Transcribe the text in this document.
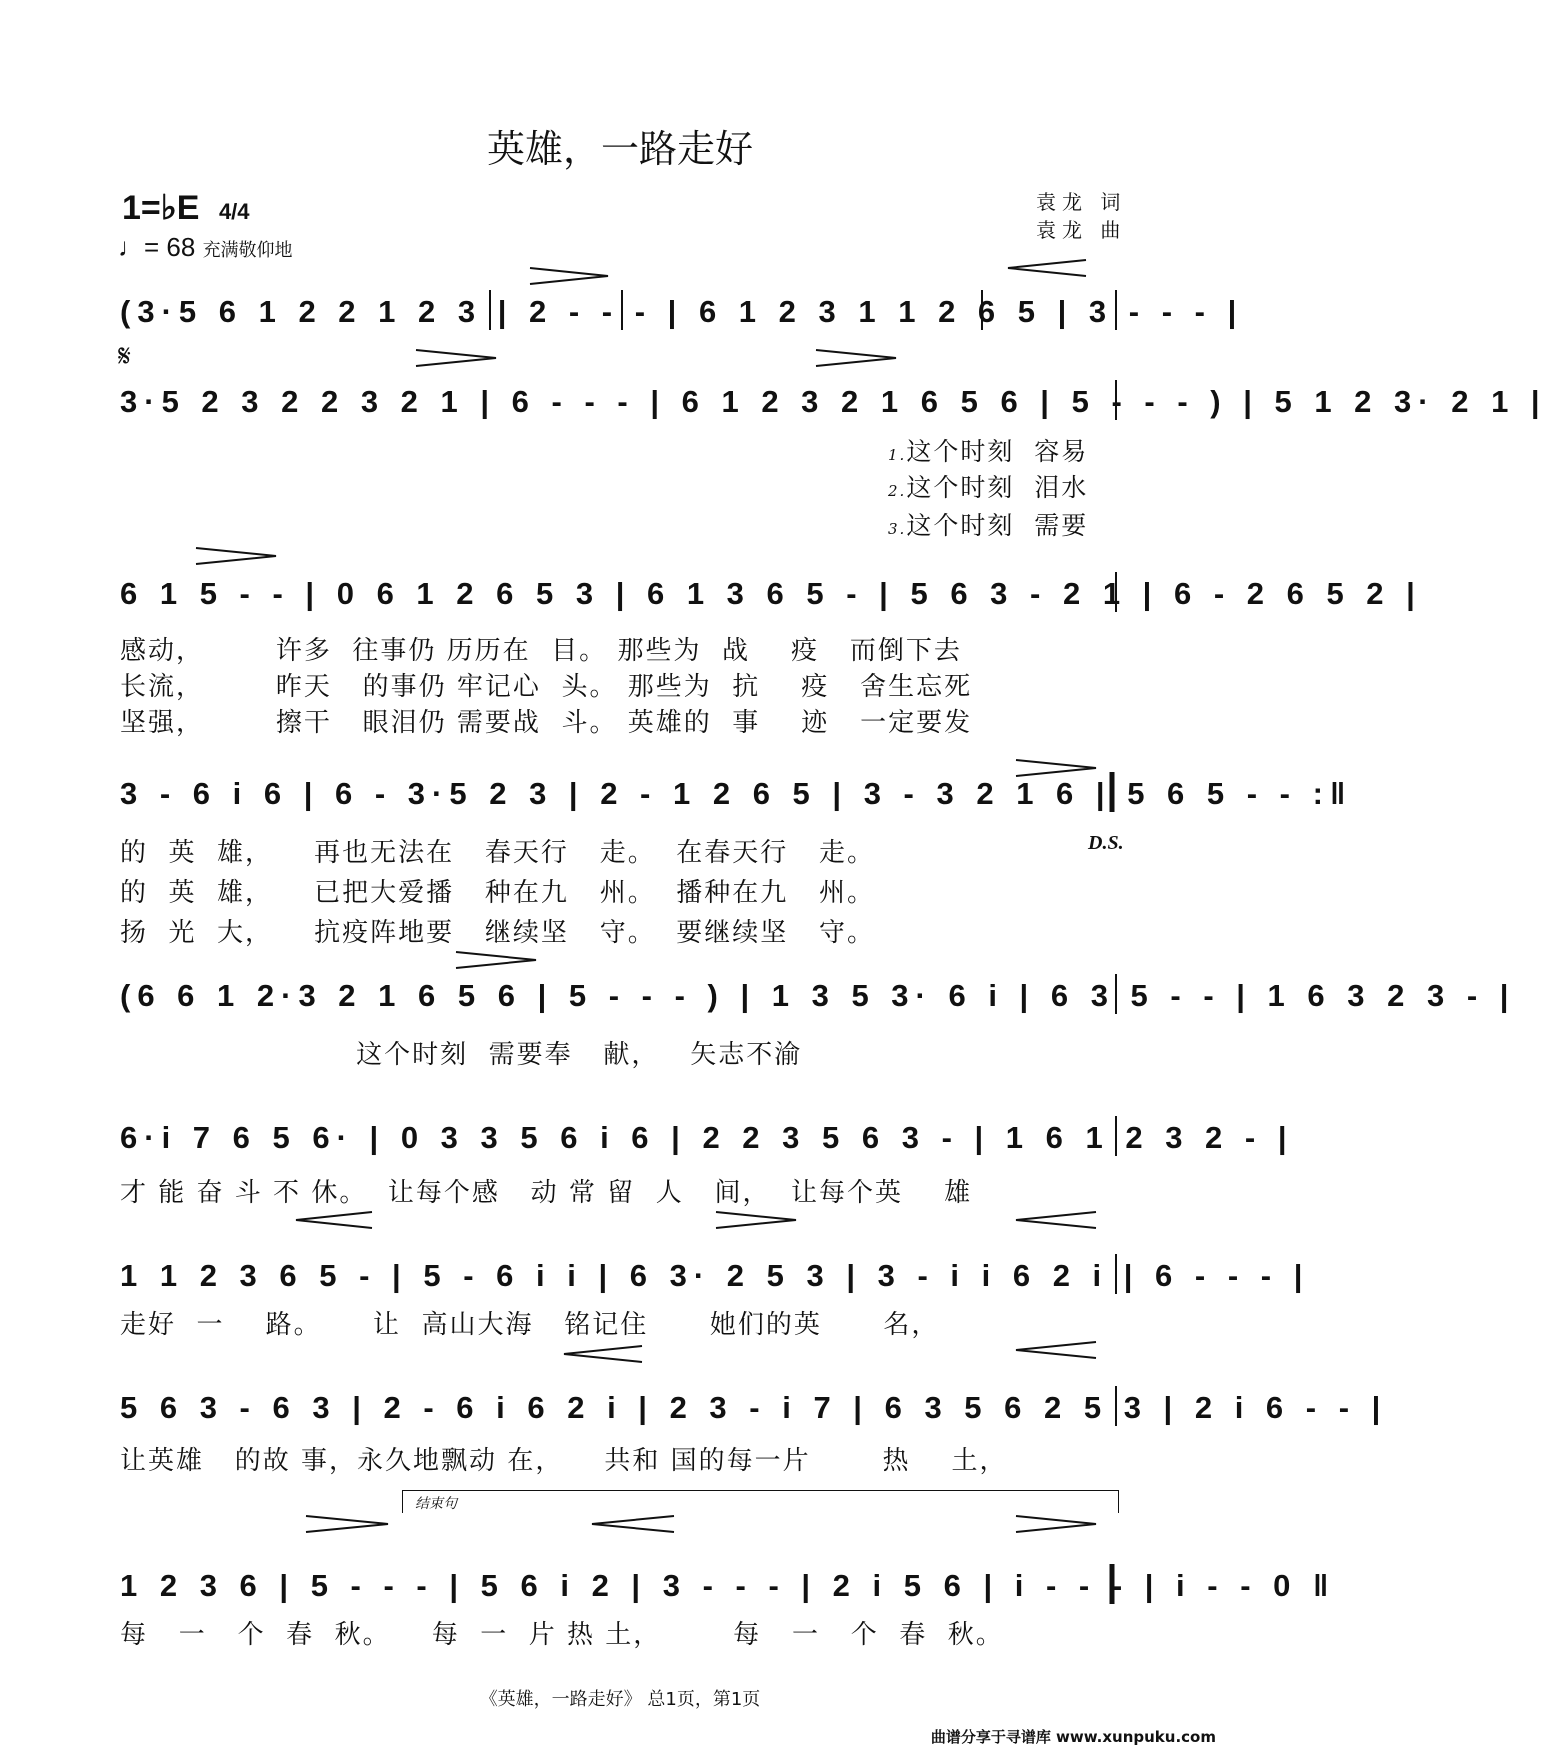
英雄，一路走好
1=♭E 4/4
♩= 68 充满敬仰地
袁龙 词
袁龙 曲
(3·5 6 1 2 2 1 2 3 | 2 - - - | 6 1 2 3 1 1 2 6 5 | 3 - - - |
𝄋
3·5 2 3 2 2 3 2 1 | 6 - - - | 6 1 2 3 2 1 6 5 6 | 5 - - - ) | 5 1 2 3· 2 1 |
1.这个时刻  容易
2.这个时刻  泪水
3.这个时刻  需要
6 1 5 - - | 0 6 1 2 6 5 3 | 6 1 3 6 5 - | 5 6 3 - 2 1 | 6 - 2 6 5 2 |
感动，       许多  往事仍 历历在  目。 那些为  战    疫   而倒下去
长流，       昨天   的事仍 牢记心  头。 那些为  抗    疫   舍生忘死
坚强，       擦干   眼泪仍 需要战  斗。 英雄的  事    迹   一定要发
3 - 6 i 6 | 6 - 3·5 2 3 | 2 - 1 2 6 5 | 3 - 3 2 1 6 | 5 6 5 - - :‖
D.S.
的  英  雄，    再也无法在   春天行   走。  在春天行   走。
的  英  雄，    已把大爱播   种在九   州。  播种在九   州。
扬  光  大，    抗疫阵地要   继续坚   守。  要继续坚   守。
(6 6 1 2·3 2 1 6 5 6 | 5 - - - ) | 1 3 5 3· 6 i | 6 3 5 - - | 1 6 3 2 3 - |
这个时刻  需要奉   献，   矢志不渝
6·i 7 6 5 6· | 0 3 3 5 6 i 6 | 2 2 3 5 6 3 - | 1 6 1 2 3 2 - |
才 能 奋 斗 不 休。  让每个感   动 常 留  人   间，  让每个英    雄
1 1 2 3 6 5 - | 5 - 6 i i | 6 3· 2 5 3 | 3 - i i 6 2 i | 6 - - - |
走好  一    路。     让  高山大海   铭记住      她们的英      名，
5 6 3 - 6 3 | 2 - 6 i 6 2 i | 2 3 - i 7 | 6 3 5 6 2 5 3 | 2 i 6 - - |
让英雄   的故 事，永久地飘动 在，    共和 国的每一片       热    土，
结束句
1 2 3 6 | 5 - - - | 5 6 i 2 | 3 - - - | 2 i 5 6 | i - - - | i - - 0 ‖
每   一   个  春  秋。    每  一  片 热 土，       每   一   个  春  秋。
《英雄，一路走好》 总1页，第1页
曲谱分享于寻谱库 www.xunpuku.com
